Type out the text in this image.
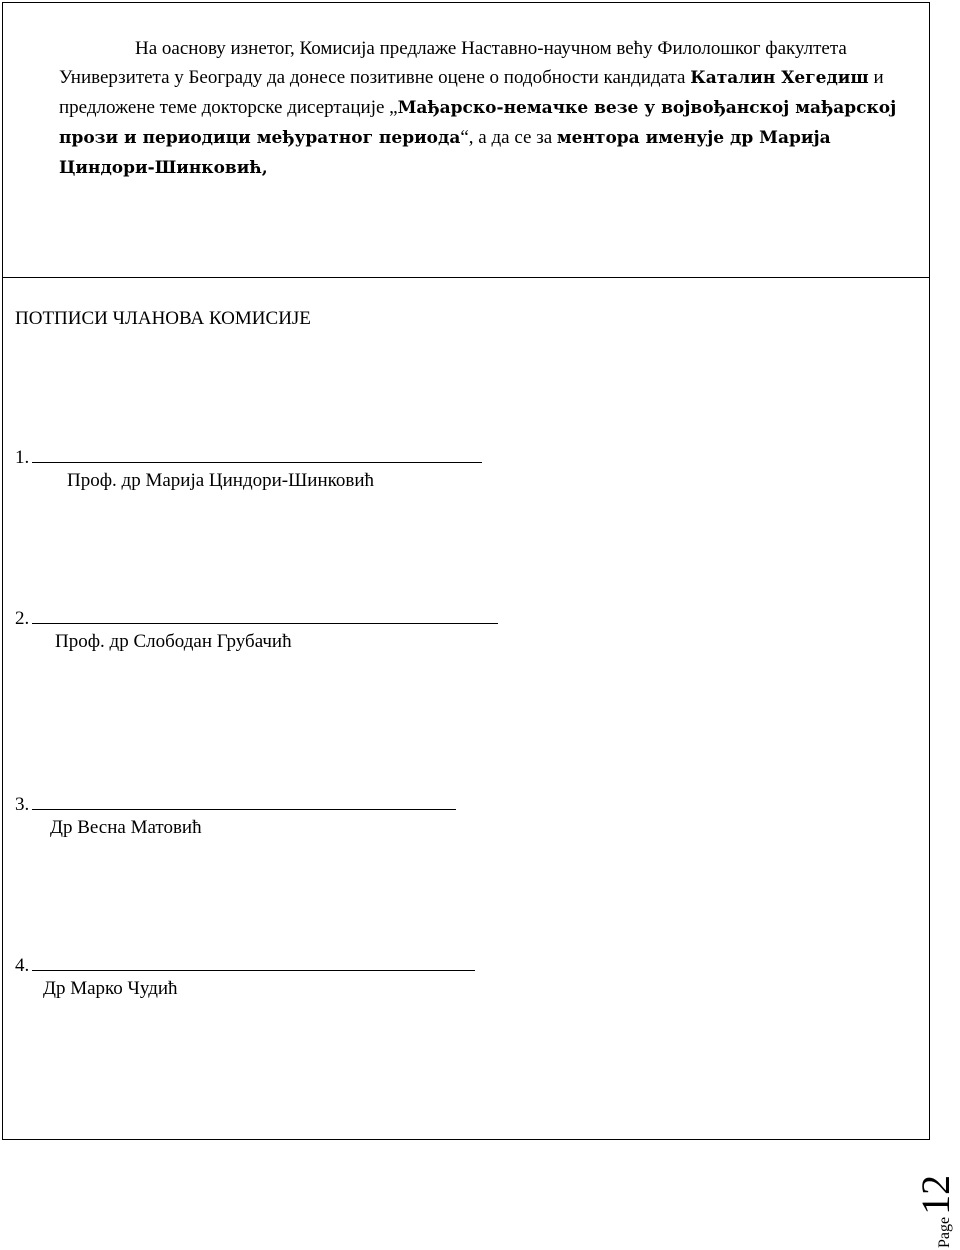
На оаснову изнетог, Комисија предлаже Наставно-научном већу Филолошког факултета Универзитета у Београду да донесе позитивне оцене о подобности кандидата Каталин Хегедиш и предложене теме докторске дисертације „Мађарско-немачке везе у војвођанској мађарској прози и периодици међуратног периода“, а да се за ментора именује др Марија Циндори-Шинковић,
ПОТПИСИ ЧЛАНОВА КОМИСИЈЕ
1.
Проф. др Марија Циндори-Шинковић
2.
Проф. др Слободан Грубачић
3.
Др Весна Матовић
4.
Др Марко Чудић
Page12
